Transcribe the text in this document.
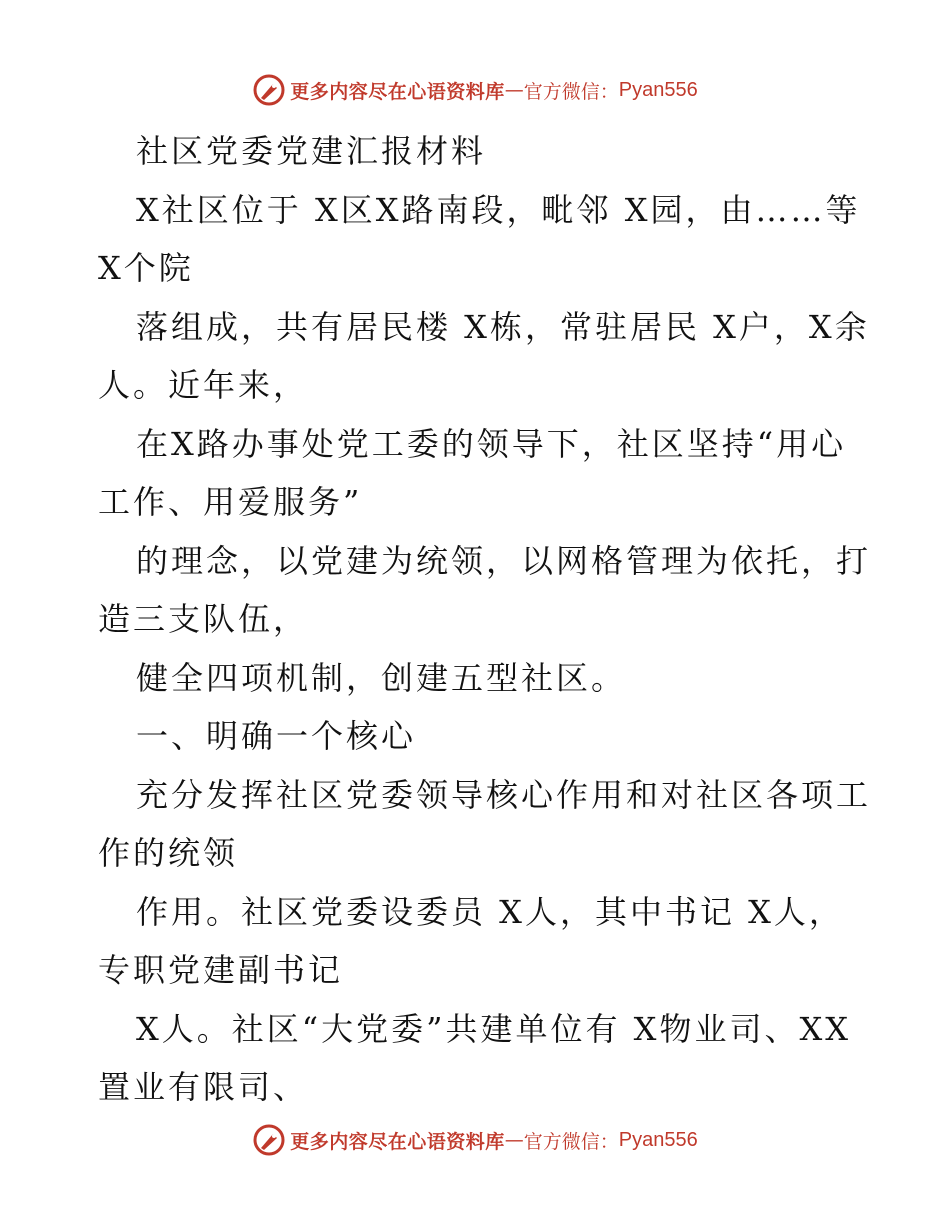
更多内容尽在心语资料库 — 官方微信： Pyan556
社区党委党建汇报材料
X社区位于 X区X路南段，毗邻 X园，由……等
X个院
落组成，共有居民楼 X栋，常驻居民 X户，X余
人。近年来，
在X路办事处党工委的领导下，社区坚持“用心
工作、用爱服务”
的理念，以党建为统领，以网格管理为依托，打
造三支队伍，
健全四项机制，创建五型社区。
一、明确一个核心
充分发挥社区党委领导核心作用和对社区各项工
作的统领
作用。社区党委设委员 X人，其中书记 X人，
专职党建副书记
X人。社区“大党委”共建单位有 X物业司、XX
置业有限司、
更多内容尽在心语资料库 — 官方微信： Pyan556
